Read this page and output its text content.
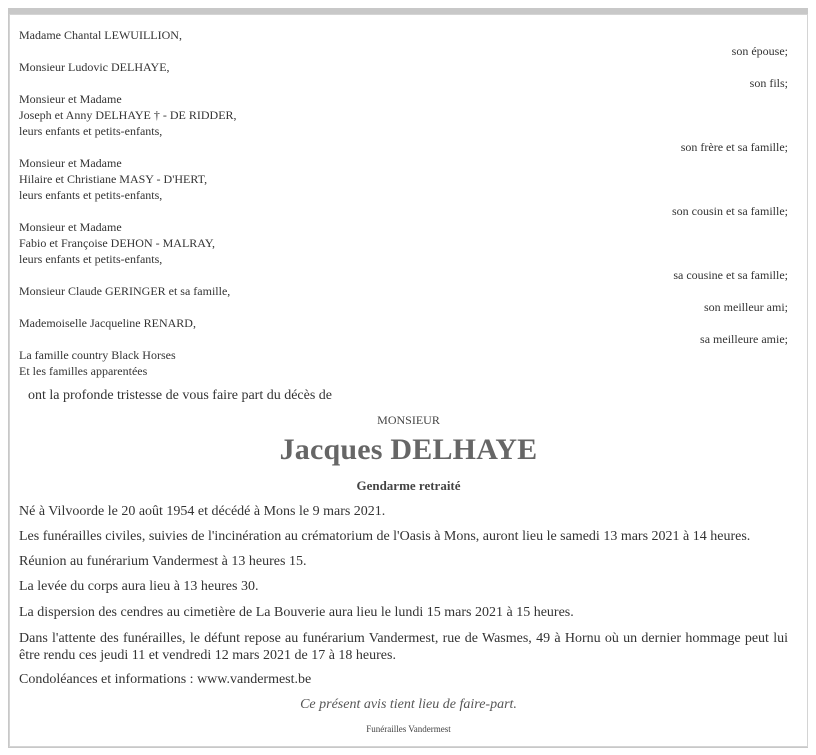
Madame Chantal LEWUILLION,
son épouse;
Monsieur Ludovic DELHAYE,
son fils;
Monsieur et Madame
Joseph et Anny DELHAYE † - DE RIDDER,
leurs enfants et petits-enfants,
son frère et sa famille;
Monsieur et Madame
Hilaire et Christiane MASY - D'HERT,
leurs enfants et petits-enfants,
son cousin et sa famille;
Monsieur et Madame
Fabio et Françoise DEHON - MALRAY,
leurs enfants et petits-enfants,
sa cousine et sa famille;
Monsieur Claude GERINGER et sa famille,
son meilleur ami;
Mademoiselle Jacqueline RENARD,
sa meilleure amie;
La famille country Black Horses
Et les familles apparentées
ont la profonde tristesse de vous faire part du décès de
MONSIEUR
Jacques DELHAYE
Gendarme retraité
Né à Vilvoorde le 20 août 1954 et décédé à Mons le 9 mars 2021.
Les funérailles civiles, suivies de l'incinération au crématorium de l'Oasis à Mons, auront lieu le samedi 13 mars 2021 à 14 heures.
Réunion au funérarium Vandermest à 13 heures 15.
La levée du corps aura lieu à 13 heures 30.
La dispersion des cendres au cimetière de La Bouverie aura lieu le lundi 15 mars 2021 à 15 heures.
Dans l'attente des funérailles, le défunt repose au funérarium Vandermest, rue de Wasmes, 49 à Hornu où un dernier hommage peut lui être rendu ces jeudi 11 et vendredi 12 mars 2021 de 17 à 18 heures.
Condoléances et informations : www.vandermest.be
Ce présent avis tient lieu de faire-part.
Funérailles Vandermest
